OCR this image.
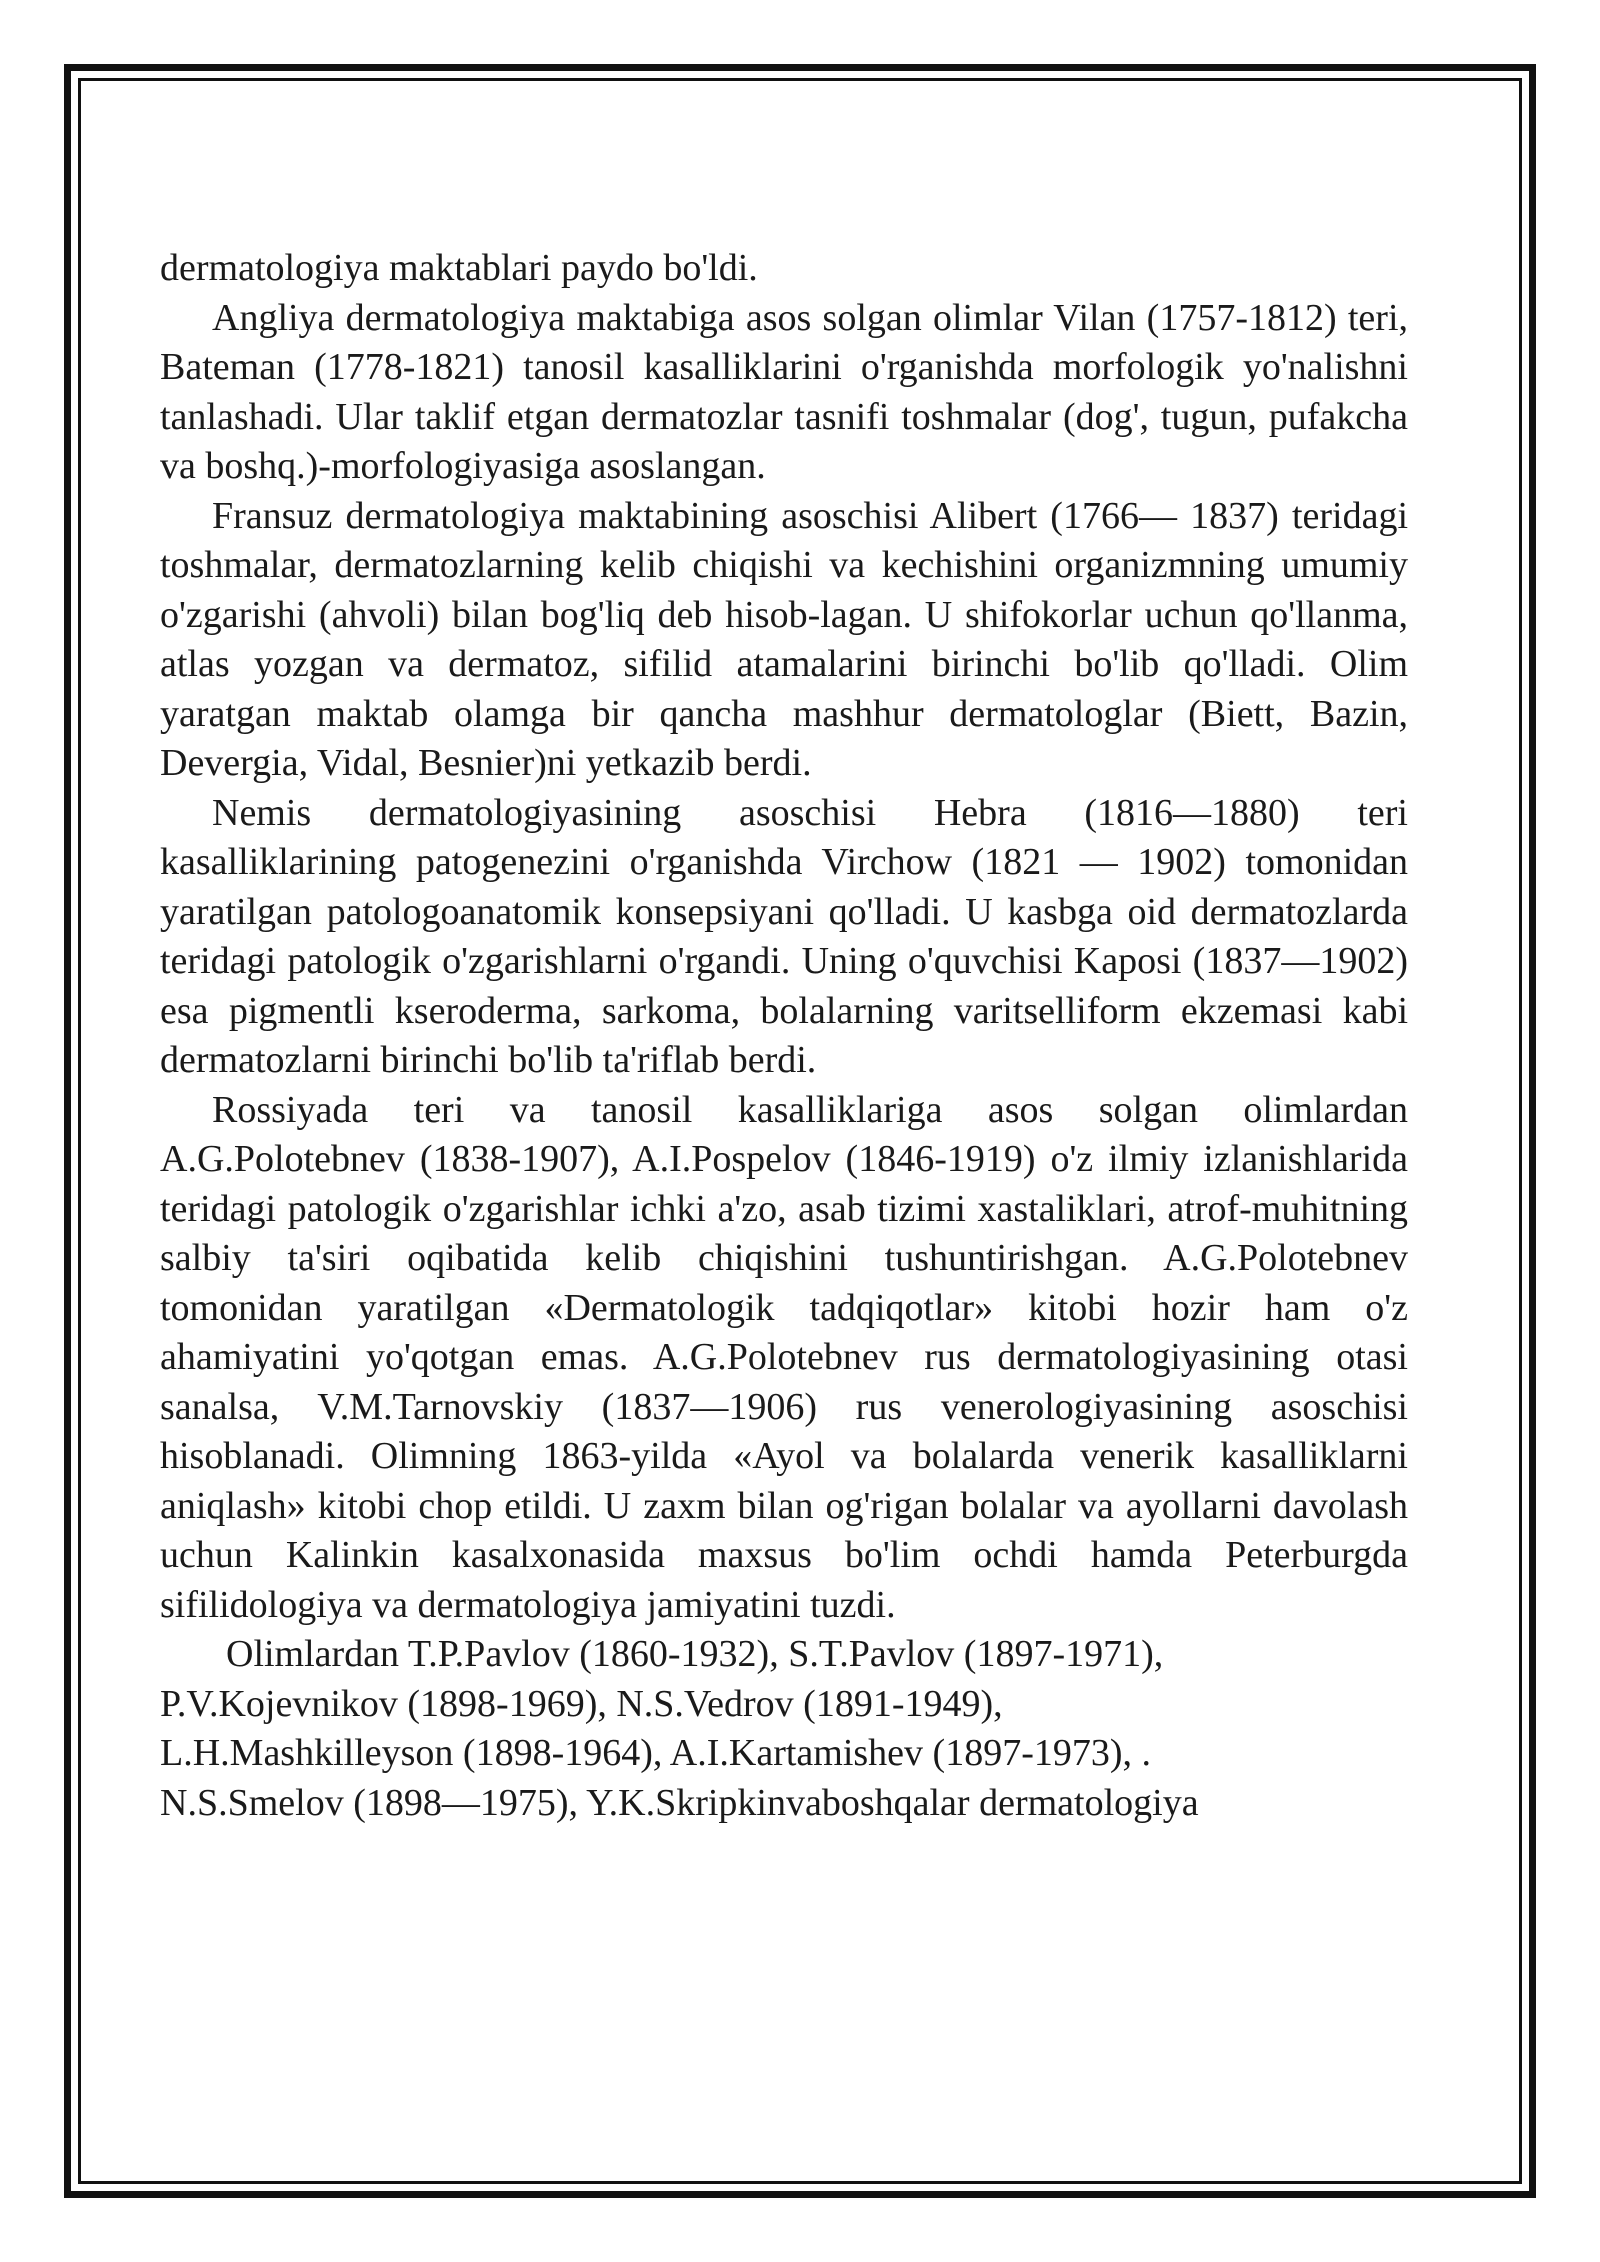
dermatologiya maktablari paydo bo'ldi.

Angliya dermatologiya maktabiga asos solgan olimlar Vilan (1757-1812) teri, Bateman (1778-1821) tanosil kasalliklarini o'rganishda morfologik yo'nalishni tanlashadi. Ular taklif etgan dermatozlar tasnifi toshmalar (dog', tugun, pufakcha va boshq.)-morfologiyasiga asoslangan.

Fransuz dermatologiya maktabining asoschisi Alibert (1766— 1837) teridagi toshmalar, dermatozlarning kelib chiqishi va kechishini organizmning umumiy o'zgarishi (ahvoli) bilan bog'liq deb hisob-lagan. U shifokorlar uchun qo'llanma, atlas yozgan va dermatoz, sifilid atamalarini birinchi bo'lib qo'lladi. Olim yaratgan maktab olamga bir qancha mashhur dermatologlar (Biett, Bazin, Devergia, Vidal, Besnier)ni yetkazib berdi.

Nemis dermatologiyasining asoschisi Hebra (1816—1880) teri kasalliklarining patogenezini o'rganishda Virchow (1821 — 1902) tomonidan yaratilgan patologoanatomik konsepsiyani qo'lladi. U kasbga oid dermatozlarda teridagi patologik o'zgarishlarni o'rgandi. Uning o'quvchisi Kaposi (1837—1902) esa pigmentli kseroderma, sarkoma, bolalarning varitselliform ekzemasi kabi dermatozlarni birinchi bo'lib ta'riflab berdi.

Rossiyada teri va tanosil kasalliklariga asos solgan olimlardan A.G.Polotebnev (1838-1907), A.I.Pospelov (1846-1919) o'z ilmiy izlanishlarida teridagi patologik o'zgarishlar ichki a'zo, asab tizimi xastaliklari, atrof-muhitning salbiy ta'siri oqibatida kelib chiqishini tushuntirishgan. A.G.Polotebnev tomonidan yaratilgan «Dermatologik tadqiqotlar» kitobi hozir ham o'z ahamiyatini yo'qotgan emas. A.G.Polotebnev rus dermatologiyasining otasi sanalsa, V.M.Tarnovskiy (1837—1906) rus venerologiyasining asoschisi hisoblanadi. Olimning 1863-yilda «Ayol va bolalarda venerik kasalliklarni aniqlash» kitobi chop etildi. U zaxm bilan og'rigan bolalar va ayollarni davolash uchun Kalinkin kasalxonasida maxsus bo'lim ochdi hamda Peterburgda sifilidologiya va dermatologiya jamiyatini tuzdi.

Olimlardan T.P.Pavlov (1860-1932), S.T.Pavlov (1897-1971),
P.V.Kojevnikov (1898-1969), N.S.Vedrov (1891-1949),
L.H.Mashkilleyson (1898-1964), A.I.Kartamishev (1897-1973), .
N.S.Smelov (1898—1975), Y.K.Skripkinvaboshqalar dermatologiya
